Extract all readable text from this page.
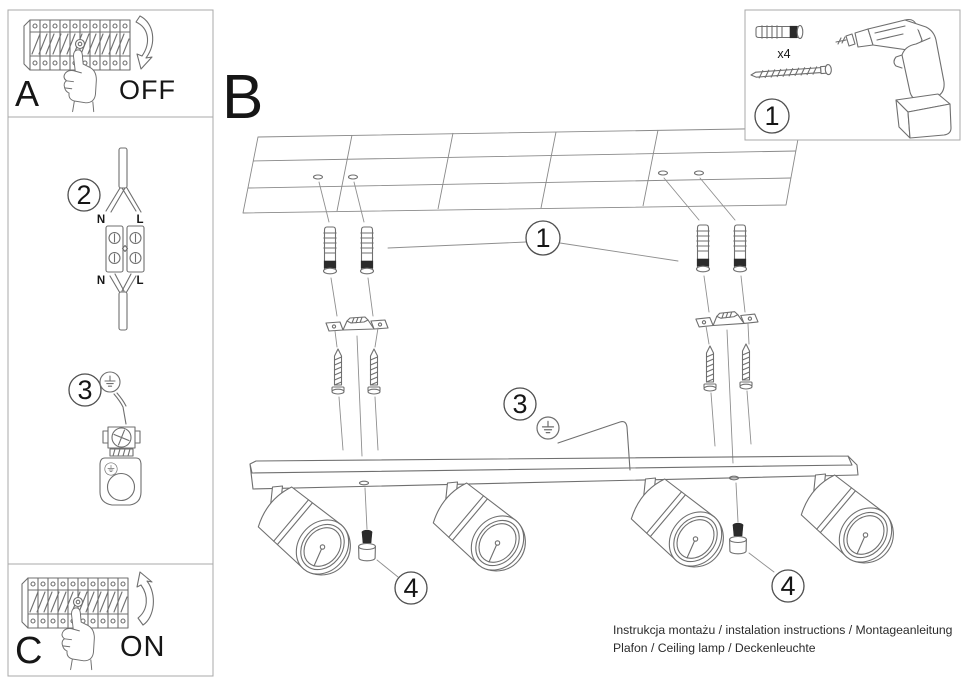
x4
1
B
1
3
4	4
A	OFF
2
N	L
N	L
3
C	ON
Instrukcja montażu / instalation instructions / Montageanleitung
Plafon / Ceiling lamp / Deckenleuchte
